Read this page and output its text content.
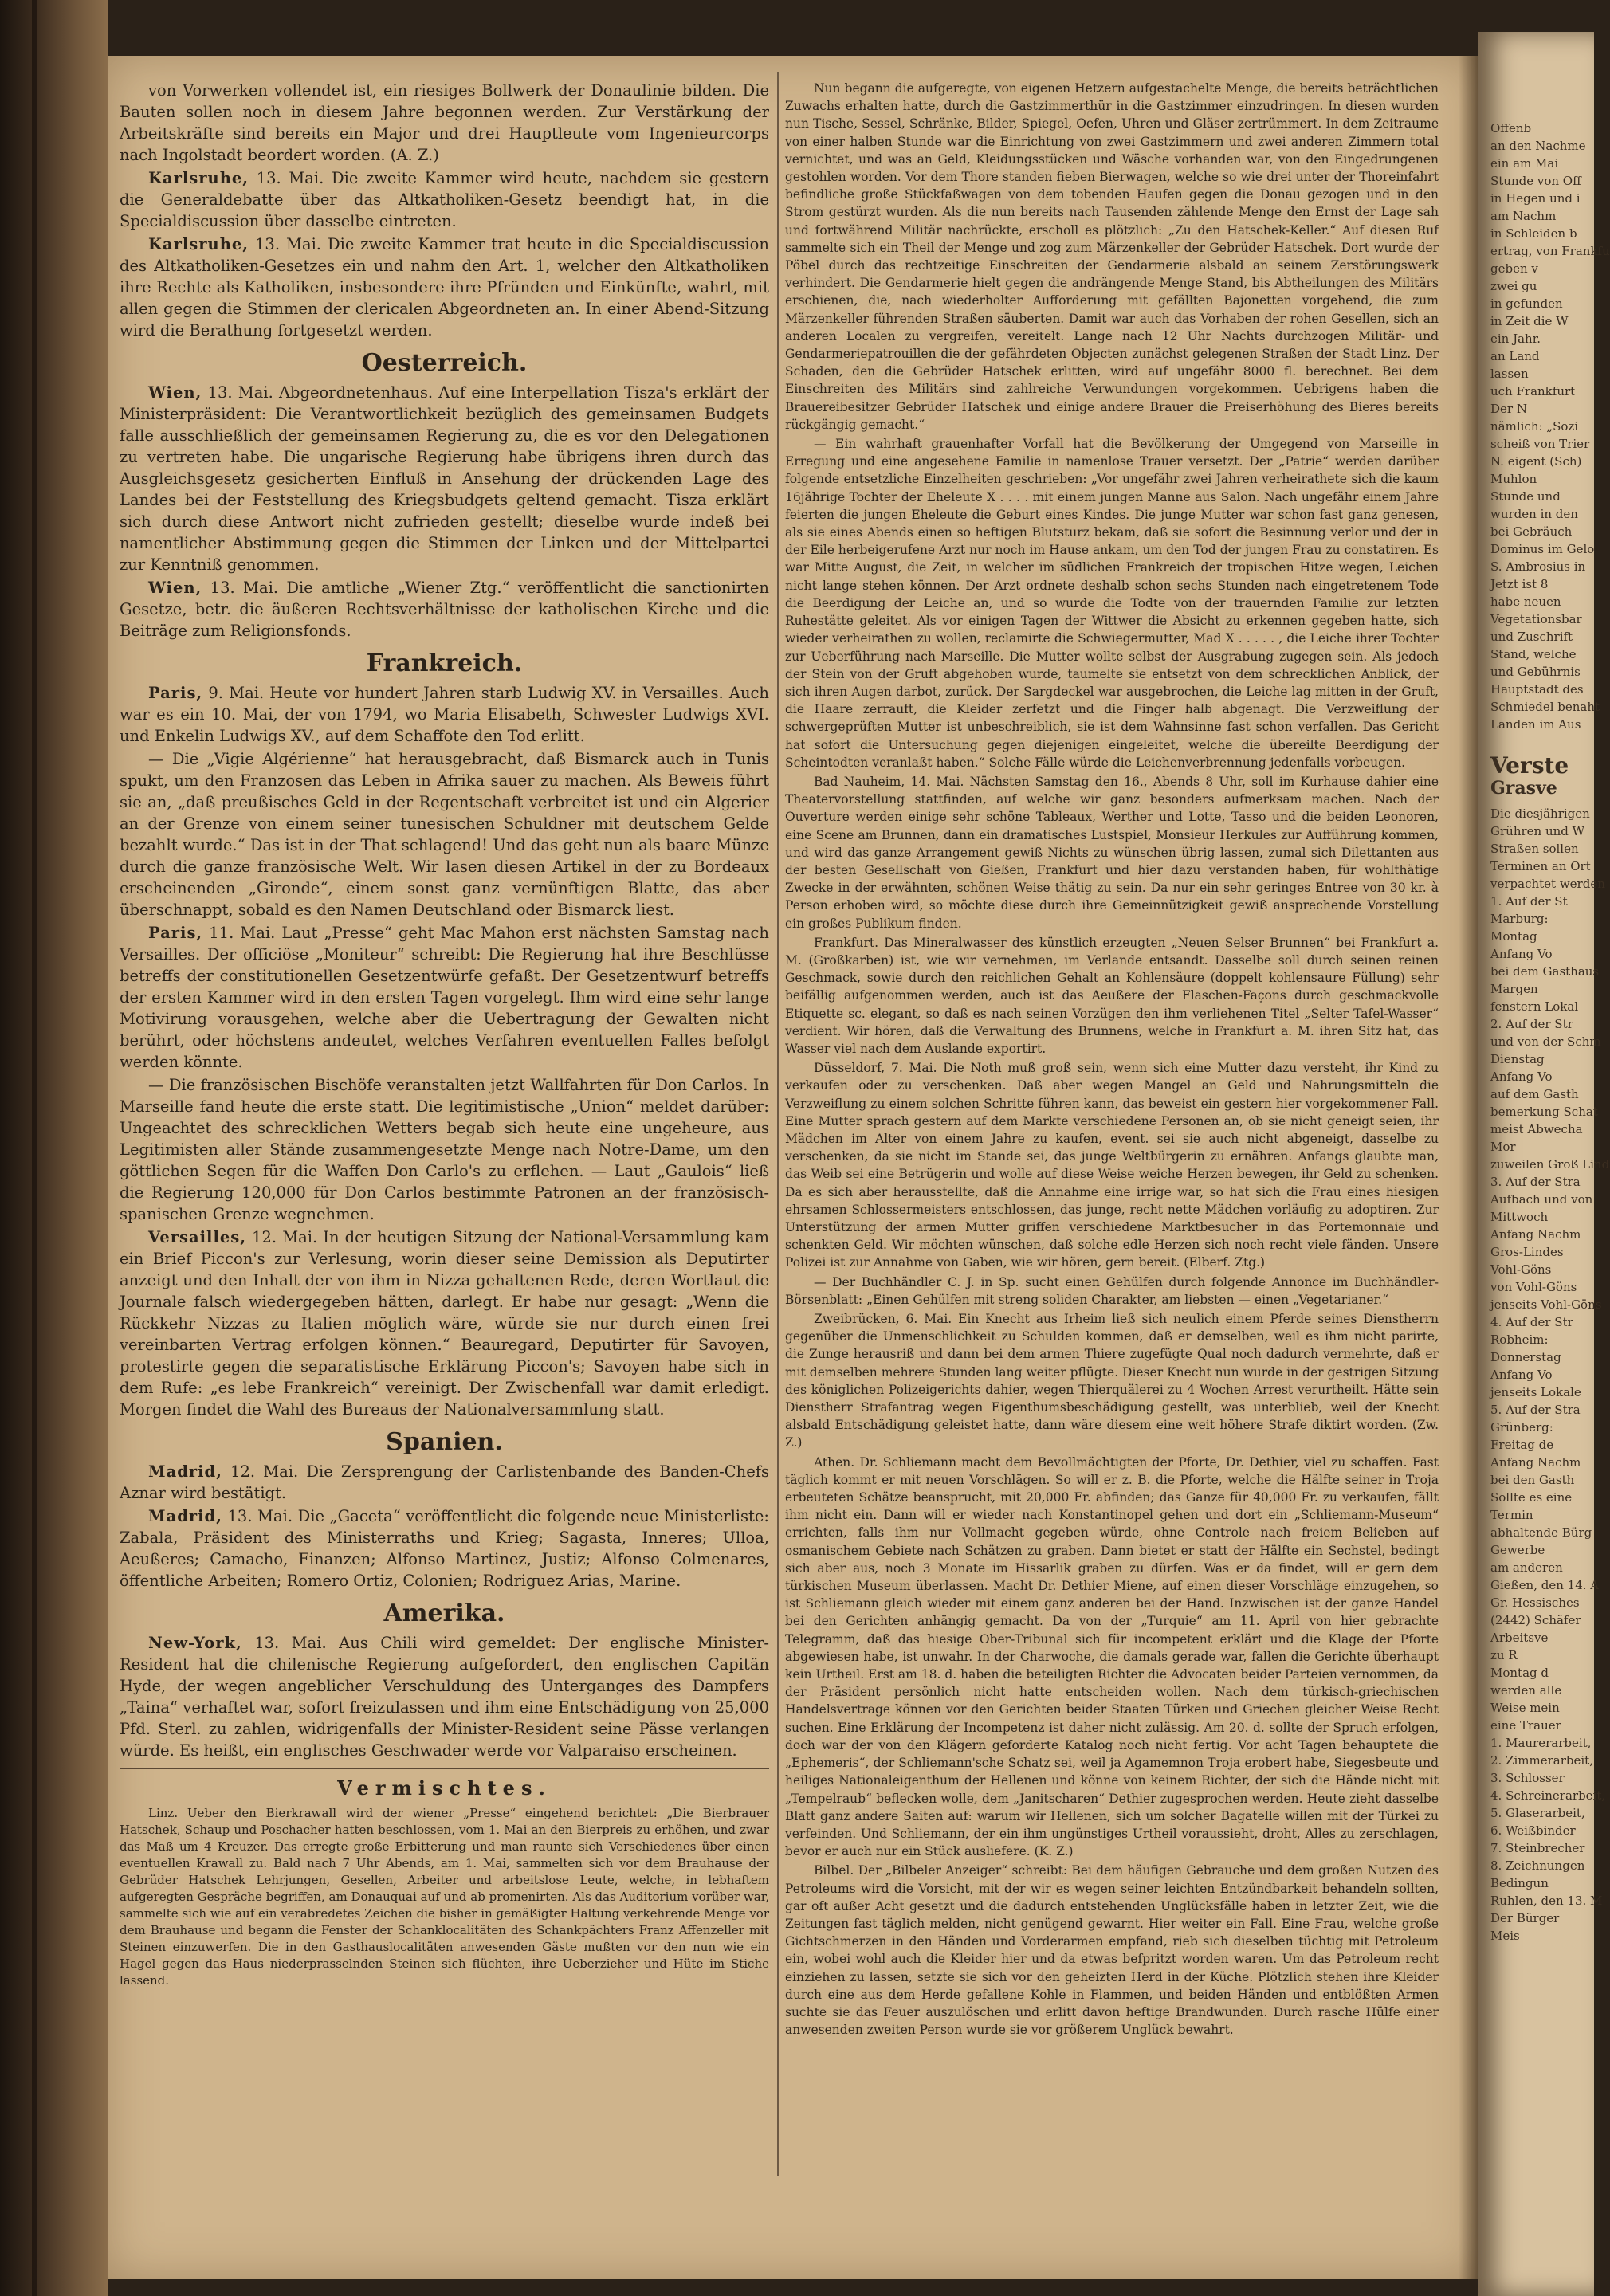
von Vorwerken vollendet ist, ein riesiges Bollwerk der Donaulinie bilden. Die Bauten sollen noch in diesem Jahre begonnen werden. Zur Verstärkung der Arbeitskräfte sind bereits ein Major und drei Hauptleute vom Ingenieurcorps nach Ingolstadt beordert worden. (A. Z.)

Karlsruhe, 13. Mai. Die zweite Kammer wird heute, nachdem sie gestern die Generaldebatte über das Altkatholiken-Gesetz beendigt hat, in die Specialdiscussion über dasselbe eintreten.

Karlsruhe, 13. Mai. Die zweite Kammer trat heute in die Specialdiscussion des Altkatholiken-Gesetzes ein und nahm den Art. 1, welcher den Altkatholiken ihre Rechte als Katholiken, insbesondere ihre Pfründen und Einkünfte, wahrt, mit allen gegen die Stimmen der clericalen Abgeordneten an. In einer Abend-Sitzung wird die Berathung fortgesetzt werden.

Oesterreich.

Wien, 13. Mai. Abgeordnetenhaus. Auf eine Interpellation Tisza's erklärt der Ministerpräsident: Die Verantwortlichkeit bezüglich des gemeinsamen Budgets falle ausschließlich der gemeinsamen Regierung zu, die es vor den Delegationen zu vertreten habe. Die ungarische Regierung habe übrigens ihren durch das Ausgleichsgesetz gesicherten Einfluß in Ansehung der drückenden Lage des Landes bei der Feststellung des Kriegsbudgets geltend gemacht. Tisza erklärt sich durch diese Antwort nicht zufrieden gestellt; dieselbe wurde indeß bei namentlicher Abstimmung gegen die Stimmen der Linken und der Mittelpartei zur Kenntniß genommen.

Wien, 13. Mai. Die amtliche „Wiener Ztg.“ veröffentlicht die sanctionirten Gesetze, betr. die äußeren Rechtsverhältnisse der katholischen Kirche und die Beiträge zum Religionsfonds.

Frankreich.

Paris, 9. Mai. Heute vor hundert Jahren starb Ludwig XV. in Versailles. Auch war es ein 10. Mai, der von 1794, wo Maria Elisabeth, Schwester Ludwigs XVI. und Enkelin Ludwigs XV., auf dem Schaffote den Tod erlitt.

— Die „Vigie Algérienne“ hat herausgebracht, daß Bismarck auch in Tunis spukt, um den Franzosen das Leben in Afrika sauer zu machen. Als Beweis führt sie an, „daß preußisches Geld in der Regentschaft verbreitet ist und ein Algerier an der Grenze von einem seiner tunesischen Schuldner mit deutschem Gelde bezahlt wurde.“ Das ist in der That schlagend! Und das geht nun als baare Münze durch die ganze französische Welt. Wir lasen diesen Artikel in der zu Bordeaux erscheinenden „Gironde“, einem sonst ganz vernünftigen Blatte, das aber überschnappt, sobald es den Namen Deutschland oder Bismarck liest.

Paris, 11. Mai. Laut „Presse“ geht Mac Mahon erst nächsten Samstag nach Versailles. Der officiöse „Moniteur“ schreibt: Die Regierung hat ihre Beschlüsse betreffs der constitutionellen Gesetzentwürfe gefaßt. Der Gesetzentwurf betreffs der ersten Kammer wird in den ersten Tagen vorgelegt. Ihm wird eine sehr lange Motivirung vorausgehen, welche aber die Uebertragung der Gewalten nicht berührt, oder höchstens andeutet, welches Verfahren eventuellen Falles befolgt werden könnte.

— Die französischen Bischöfe veranstalten jetzt Wallfahrten für Don Carlos. In Marseille fand heute die erste statt. Die legitimistische „Union“ meldet darüber: Ungeachtet des schrecklichen Wetters begab sich heute eine ungeheure, aus Legitimisten aller Stände zusammengesetzte Menge nach Notre-Dame, um den göttlichen Segen für die Waffen Don Carlo's zu erflehen. — Laut „Gaulois“ ließ die Regierung 120,000 für Don Carlos bestimmte Patronen an der französisch-spanischen Grenze wegnehmen.

Versailles, 12. Mai. In der heutigen Sitzung der National-Versammlung kam ein Brief Piccon's zur Verlesung, worin dieser seine Demission als Deputirter anzeigt und den Inhalt der von ihm in Nizza gehaltenen Rede, deren Wortlaut die Journale falsch wiedergegeben hätten, darlegt. Er habe nur gesagt: „Wenn die Rückkehr Nizzas zu Italien möglich wäre, würde sie nur durch einen frei vereinbarten Vertrag erfolgen können.“ Beauregard, Deputirter für Savoyen, protestirte gegen die separatistische Erklärung Piccon's; Savoyen habe sich in dem Rufe: „es lebe Frankreich“ vereinigt. Der Zwischenfall war damit erledigt. Morgen findet die Wahl des Bureaus der Nationalversammlung statt.

Spanien.

Madrid, 12. Mai. Die Zersprengung der Carlistenbande des Banden-Chefs Aznar wird bestätigt.

Madrid, 13. Mai. Die „Gaceta“ veröffentlicht die folgende neue Ministerliste: Zabala, Präsident des Ministerraths und Krieg; Sagasta, Inneres; Ulloa, Aeußeres; Camacho, Finanzen; Alfonso Martinez, Justiz; Alfonso Colmenares, öffentliche Arbeiten; Romero Ortiz, Colonien; Rodriguez Arias, Marine.

Amerika.

New-York, 13. Mai. Aus Chili wird gemeldet: Der englische Minister-Resident hat die chilenische Regierung aufgefordert, den englischen Capitän Hyde, der wegen angeblicher Verschuldung des Unterganges des Dampfers „Taina“ verhaftet war, sofort freizulassen und ihm eine Entschädigung von 25,000 Pfd. Sterl. zu zahlen, widrigenfalls der Minister-Resident seine Pässe verlangen würde. Es heißt, ein englisches Geschwader werde vor Valparaiso erscheinen.

Vermischtes.

Linz. Ueber den Bierkrawall wird der wiener „Presse“ eingehend berichtet: „Die Bierbrauer Hatschek, Schaup und Poschacher hatten beschlossen, vom 1. Mai an den Bierpreis zu erhöhen, und zwar das Maß um 4 Kreuzer. Das erregte große Erbitterung und man raunte sich Verschiedenes über einen eventuellen Krawall zu. Bald nach 7 Uhr Abends, am 1. Mai, sammelten sich vor dem Brauhause der Gebrüder Hatschek Lehrjungen, Gesellen, Arbeiter und arbeitslose Leute, welche, in lebhaftem aufgeregten Gespräche begriffen, am Donauquai auf und ab promenirten. Als das Auditorium vorüber war, sammelte sich wie auf ein verabredetes Zeichen die bisher in gemäßigter Haltung verkehrende Menge vor dem Brauhause und begann die Fenster der Schanklocalitäten des Schankpächters Franz Affenzeller mit Steinen einzuwerfen. Die in den Gasthauslocalitäten anwesenden Gäste mußten vor den nun wie ein Hagel gegen das Haus niederprasselnden Steinen sich flüchten, ihre Ueberzieher und Hüte im Stiche lassend.

Nun begann die aufgeregte, von eigenen Hetzern aufgestachelte Menge, die bereits beträchtlichen Zuwachs erhalten hatte, durch die Gastzimmerthür in die Gastzimmer einzudringen. In diesen wurden nun Tische, Sessel, Schränke, Bilder, Spiegel, Oefen, Uhren und Gläser zertrümmert. In dem Zeitraume von einer halben Stunde war die Einrichtung von zwei Gastzimmern und zwei anderen Zimmern total vernichtet, und was an Geld, Kleidungsstücken und Wäsche vorhanden war, von den Eingedrungenen gestohlen worden. Vor dem Thore standen fieben Bierwagen, welche so wie drei unter der Thoreinfahrt befindliche große Stückfaßwagen von dem tobenden Haufen gegen die Donau gezogen und in den Strom gestürzt wurden. Als die nun bereits nach Tausenden zählende Menge den Ernst der Lage sah und fortwährend Militär nachrückte, erscholl es plötzlich: „Zu den Hatschek-Keller.“ Auf diesen Ruf sammelte sich ein Theil der Menge und zog zum Märzenkeller der Gebrüder Hatschek. Dort wurde der Pöbel durch das rechtzeitige Einschreiten der Gendarmerie alsbald an seinem Zerstörungswerk verhindert. Die Gendarmerie hielt gegen die andrängende Menge Stand, bis Abtheilungen des Militärs erschienen, die, nach wiederholter Aufforderung mit gefällten Bajonetten vorgehend, die zum Märzenkeller führenden Straßen säuberten. Damit war auch das Vorhaben der rohen Gesellen, sich an anderen Localen zu vergreifen, vereitelt. Lange nach 12 Uhr Nachts durchzogen Militär- und Gendarmeriepatrouillen die der gefährdeten Objecten zunächst gelegenen Straßen der Stadt Linz. Der Schaden, den die Gebrüder Hatschek erlitten, wird auf ungefähr 8000 fl. berechnet. Bei dem Einschreiten des Militärs sind zahlreiche Verwundungen vorgekommen. Uebrigens haben die Brauereibesitzer Gebrüder Hatschek und einige andere Brauer die Preiserhöhung des Bieres bereits rückgängig gemacht.“

— Ein wahrhaft grauenhafter Vorfall hat die Bevölkerung der Umgegend von Marseille in Erregung und eine angesehene Familie in namenlose Trauer versetzt. Der „Patrie“ werden darüber folgende entsetzliche Einzelheiten geschrieben: „Vor ungefähr zwei Jahren verheirathete sich die kaum 16jährige Tochter der Eheleute X . . . . mit einem jungen Manne aus Salon. Nach ungefähr einem Jahre feierten die jungen Eheleute die Geburt eines Kindes. Die junge Mutter war schon fast ganz genesen, als sie eines Abends einen so heftigen Blutsturz bekam, daß sie sofort die Besinnung verlor und der in der Eile herbeigerufene Arzt nur noch im Hause ankam, um den Tod der jungen Frau zu constatiren. Es war Mitte August, die Zeit, in welcher im südlichen Frankreich der tropischen Hitze wegen, Leichen nicht lange stehen können. Der Arzt ordnete deshalb schon sechs Stunden nach eingetretenem Tode die Beerdigung der Leiche an, und so wurde die Todte von der trauernden Familie zur letzten Ruhestätte geleitet. Als vor einigen Tagen der Wittwer die Absicht zu erkennen gegeben hatte, sich wieder verheirathen zu wollen, reclamirte die Schwiegermutter, Mad X . . . . . , die Leiche ihrer Tochter zur Ueberführung nach Marseille. Die Mutter wollte selbst der Ausgrabung zugegen sein. Als jedoch der Stein von der Gruft abgehoben wurde, taumelte sie entsetzt von dem schrecklichen Anblick, der sich ihren Augen darbot, zurück. Der Sargdeckel war ausgebrochen, die Leiche lag mitten in der Gruft, die Haare zerrauft, die Kleider zerfetzt und die Finger halb abgenagt. Die Verzweiflung der schwergeprüften Mutter ist unbeschreiblich, sie ist dem Wahnsinne fast schon verfallen. Das Gericht hat sofort die Untersuchung gegen diejenigen eingeleitet, welche die übereilte Beerdigung der Scheintodten veranlaßt haben.“ Solche Fälle würde die Leichenverbrennung jedenfalls vorbeugen.

Bad Nauheim, 14. Mai. Nächsten Samstag den 16., Abends 8 Uhr, soll im Kurhause dahier eine Theatervorstellung stattfinden, auf welche wir ganz besonders aufmerksam machen. Nach der Ouverture werden einige sehr schöne Tableaux, Werther und Lotte, Tasso und die beiden Leonoren, eine Scene am Brunnen, dann ein dramatisches Lustspiel, Monsieur Herkules zur Aufführung kommen, und wird das ganze Arrangement gewiß Nichts zu wünschen übrig lassen, zumal sich Dilettanten aus der besten Gesellschaft von Gießen, Frankfurt und hier dazu verstanden haben, für wohlthätige Zwecke in der erwähnten, schönen Weise thätig zu sein. Da nur ein sehr geringes Entree von 30 kr. à Person erhoben wird, so möchte diese durch ihre Gemeinnützigkeit gewiß ansprechende Vorstellung ein großes Publikum finden.

Frankfurt. Das Mineralwasser des künstlich erzeugten „Neuen Selser Brunnen“ bei Frankfurt a. M. (Großkarben) ist, wie wir vernehmen, im Verlande entsandt. Dasselbe soll durch seinen reinen Geschmack, sowie durch den reichlichen Gehalt an Kohlensäure (doppelt kohlensaure Füllung) sehr beifällig aufgenommen werden, auch ist das Aeußere der Flaschen-Façons durch geschmackvolle Etiquette sc. elegant, so daß es nach seinen Vorzügen den ihm verliehenen Titel „Selter Tafel-Wasser“ verdient. Wir hören, daß die Verwaltung des Brunnens, welche in Frankfurt a. M. ihren Sitz hat, das Wasser viel nach dem Auslande exportirt.

Düsseldorf, 7. Mai. Die Noth muß groß sein, wenn sich eine Mutter dazu versteht, ihr Kind zu verkaufen oder zu verschenken. Daß aber wegen Mangel an Geld und Nahrungsmitteln die Verzweiflung zu einem solchen Schritte führen kann, das beweist ein gestern hier vorgekommener Fall. Eine Mutter sprach gestern auf dem Markte verschiedene Personen an, ob sie nicht geneigt seien, ihr Mädchen im Alter von einem Jahre zu kaufen, event. sei sie auch nicht abgeneigt, dasselbe zu verschenken, da sie nicht im Stande sei, das junge Weltbürgerin zu ernähren. Anfangs glaubte man, das Weib sei eine Betrügerin und wolle auf diese Weise weiche Herzen bewegen, ihr Geld zu schenken. Da es sich aber herausstellte, daß die Annahme eine irrige war, so hat sich die Frau eines hiesigen ehrsamen Schlossermeisters entschlossen, das junge, recht nette Mädchen vorläufig zu adoptiren. Zur Unterstützung der armen Mutter griffen verschiedene Marktbesucher in das Portemonnaie und schenkten Geld. Wir möchten wünschen, daß solche edle Herzen sich noch recht viele fänden. Unsere Polizei ist zur Annahme von Gaben, wie wir hören, gern bereit. (Elberf. Ztg.)

— Der Buchhändler C. J. in Sp. sucht einen Gehülfen durch folgende Annonce im Buchhändler-Börsenblatt: „Einen Gehülfen mit streng soliden Charakter, am liebsten — einen „Vegetarianer.“

Zweibrücken, 6. Mai. Ein Knecht aus Irheim ließ sich neulich einem Pferde seines Dienstherrn gegenüber die Unmenschlichkeit zu Schulden kommen, daß er demselben, weil es ihm nicht parirte, die Zunge herausriß und dann bei dem armen Thiere zugefügte Qual noch dadurch vermehrte, daß er mit demselben mehrere Stunden lang weiter pflügte. Dieser Knecht nun wurde in der gestrigen Sitzung des königlichen Polizeigerichts dahier, wegen Thierquälerei zu 4 Wochen Arrest verurtheilt. Hätte sein Dienstherr Strafantrag wegen Eigenthumsbeschädigung gestellt, was unterblieb, weil der Knecht alsbald Entschädigung geleistet hatte, dann wäre diesem eine weit höhere Strafe diktirt worden. (Zw. Z.)

Athen. Dr. Schliemann macht dem Bevollmächtigten der Pforte, Dr. Dethier, viel zu schaffen. Fast täglich kommt er mit neuen Vorschlägen. So will er z. B. die Pforte, welche die Hälfte seiner in Troja erbeuteten Schätze beansprucht, mit 20,000 Fr. abfinden; das Ganze für 40,000 Fr. zu verkaufen, fällt ihm nicht ein. Dann will er wieder nach Konstantinopel gehen und dort ein „Schliemann-Museum“ errichten, falls ihm nur Vollmacht gegeben würde, ohne Controle nach freiem Belieben auf osmanischem Gebiete nach Schätzen zu graben. Dann bietet er statt der Hälfte ein Sechstel, bedingt sich aber aus, noch 3 Monate im Hissarlik graben zu dürfen. Was er da findet, will er gern dem türkischen Museum überlassen. Macht Dr. Dethier Miene, auf einen dieser Vorschläge einzugehen, so ist Schliemann gleich wieder mit einem ganz anderen bei der Hand. Inzwischen ist der ganze Handel bei den Gerichten anhängig gemacht. Da von der „Turquie“ am 11. April von hier gebrachte Telegramm, daß das hiesige Ober-Tribunal sich für incompetent erklärt und die Klage der Pforte abgewiesen habe, ist unwahr. In der Charwoche, die damals gerade war, fallen die Gerichte überhaupt kein Urtheil. Erst am 18. d. haben die beteiligten Richter die Advocaten beider Parteien vernommen, da der Präsident persönlich nicht hatte entscheiden wollen. Nach dem türkisch-griechischen Handelsvertrage können vor den Gerichten beider Staaten Türken und Griechen gleicher Weise Recht suchen. Eine Erklärung der Incompetenz ist daher nicht zulässig. Am 20. d. sollte der Spruch erfolgen, doch war der von den Klägern geforderte Katalog noch nicht fertig. Vor acht Tagen behauptete die „Ephemeris“, der Schliemann'sche Schatz sei, weil ja Agamemnon Troja erobert habe, Siegesbeute und heiliges Nationaleigenthum der Hellenen und könne von keinem Richter, der sich die Hände nicht mit „Tempelraub“ beflecken wolle, dem „Janitscharen“ Dethier zugesprochen werden. Heute zieht dasselbe Blatt ganz andere Saiten auf: warum wir Hellenen, sich um solcher Bagatelle willen mit der Türkei zu verfeinden. Und Schliemann, der ein ihm ungünstiges Urtheil voraussieht, droht, Alles zu zerschlagen, bevor er auch nur ein Stück ausliefere. (K. Z.)

Bilbel. Der „Bilbeler Anzeiger“ schreibt: Bei dem häufigen Gebrauche und dem großen Nutzen des Petroleums wird die Vorsicht, mit der wir es wegen seiner leichten Entzündbarkeit behandeln sollten, gar oft außer Acht gesetzt und die dadurch entstehenden Unglücksfälle haben in letzter Zeit, wie die Zeitungen fast täglich melden, nicht genügend gewarnt. Hier weiter ein Fall. Eine Frau, welche große Gichtschmerzen in den Händen und Vorderarmen empfand, rieb sich dieselben tüchtig mit Petroleum ein, wobei wohl auch die Kleider hier und da etwas beſpritzt worden waren. Um das Petroleum recht einziehen zu lassen, setzte sie sich vor den geheizten Herd in der Küche. Plötzlich stehen ihre Kleider durch eine aus dem Herde gefallene Kohle in Flammen, und beiden Händen und entblößten Armen suchte sie das Feuer auszulöschen und erlitt davon heftige Brandwunden. Durch rasche Hülfe einer anwesenden zweiten Person wurde sie vor größerem Unglück bewahrt.

Offenb
an den Nachme
ein am Mai
Stunde von Off
in Hegen und i
am Nachm
in Schleiden b
ertrag, von Frankfu
geben v
zwei gu
in gefunden
in Zeit die W
ein Jahr.
an Land
lassen
uch Frankfurt
Der N
nämlich: „Sozi
scheiß von Trier
N. eigent (Sch)
Muhlon
Stunde und
wurden in den
bei Gebräuch
Dominus im Gelo
S. Ambrosius in
Jetzt ist 8
habe neuen
Vegetationsbar
und Zuschrift
Stand, welche
und Gebührnis
Hauptstadt des
Schmiedel benaht
Landen im Aus
Verste
Grasve
Die diesjährigen
Grühren und W
Straßen sollen
Terminen an Ort
verpachtet werden
1. Auf der St
Marburg:
Montag
Anfang Vo
bei dem Gasthaus
Margen
fenstern Lokal
2. Auf der Str
und von der Schm
Dienstag
Anfang Vo
auf dem Gasth
bemerkung Schat
meist Abwecha
Mor
zuweilen Groß Lind
3. Auf der Stra
Aufbach und von
Mittwoch
Anfang Nachm
Gros-Lindes
Vohl-Göns
von Vohl-Göns
jenseits Vohl-Göns
4. Auf der Str
Robheim:
Donnerstag
Anfang Vo
jenseits Lokale
5. Auf der Stra
Grünberg:
Freitag de
Anfang Nachm
bei den Gasth
Sollte es eine
Termin
abhaltende Bürg
Gewerbe
am anderen
Gießen, den 14. A
Gr. Hessisches
(2442) Schäfer
Arbeitsve
zu R
Montag d
werden alle
Weise mein
eine Trauer
1. Maurerarbeit,
2. Zimmerarbeit,
3. Schlosser
4. Schreinerarbeit,
5. Glaserarbeit,
6. Weißbinder
7. Steinbrecher
8. Zeichnungen
Bedingun
Ruhlen, den 13. M
Der Bürger
Meis
